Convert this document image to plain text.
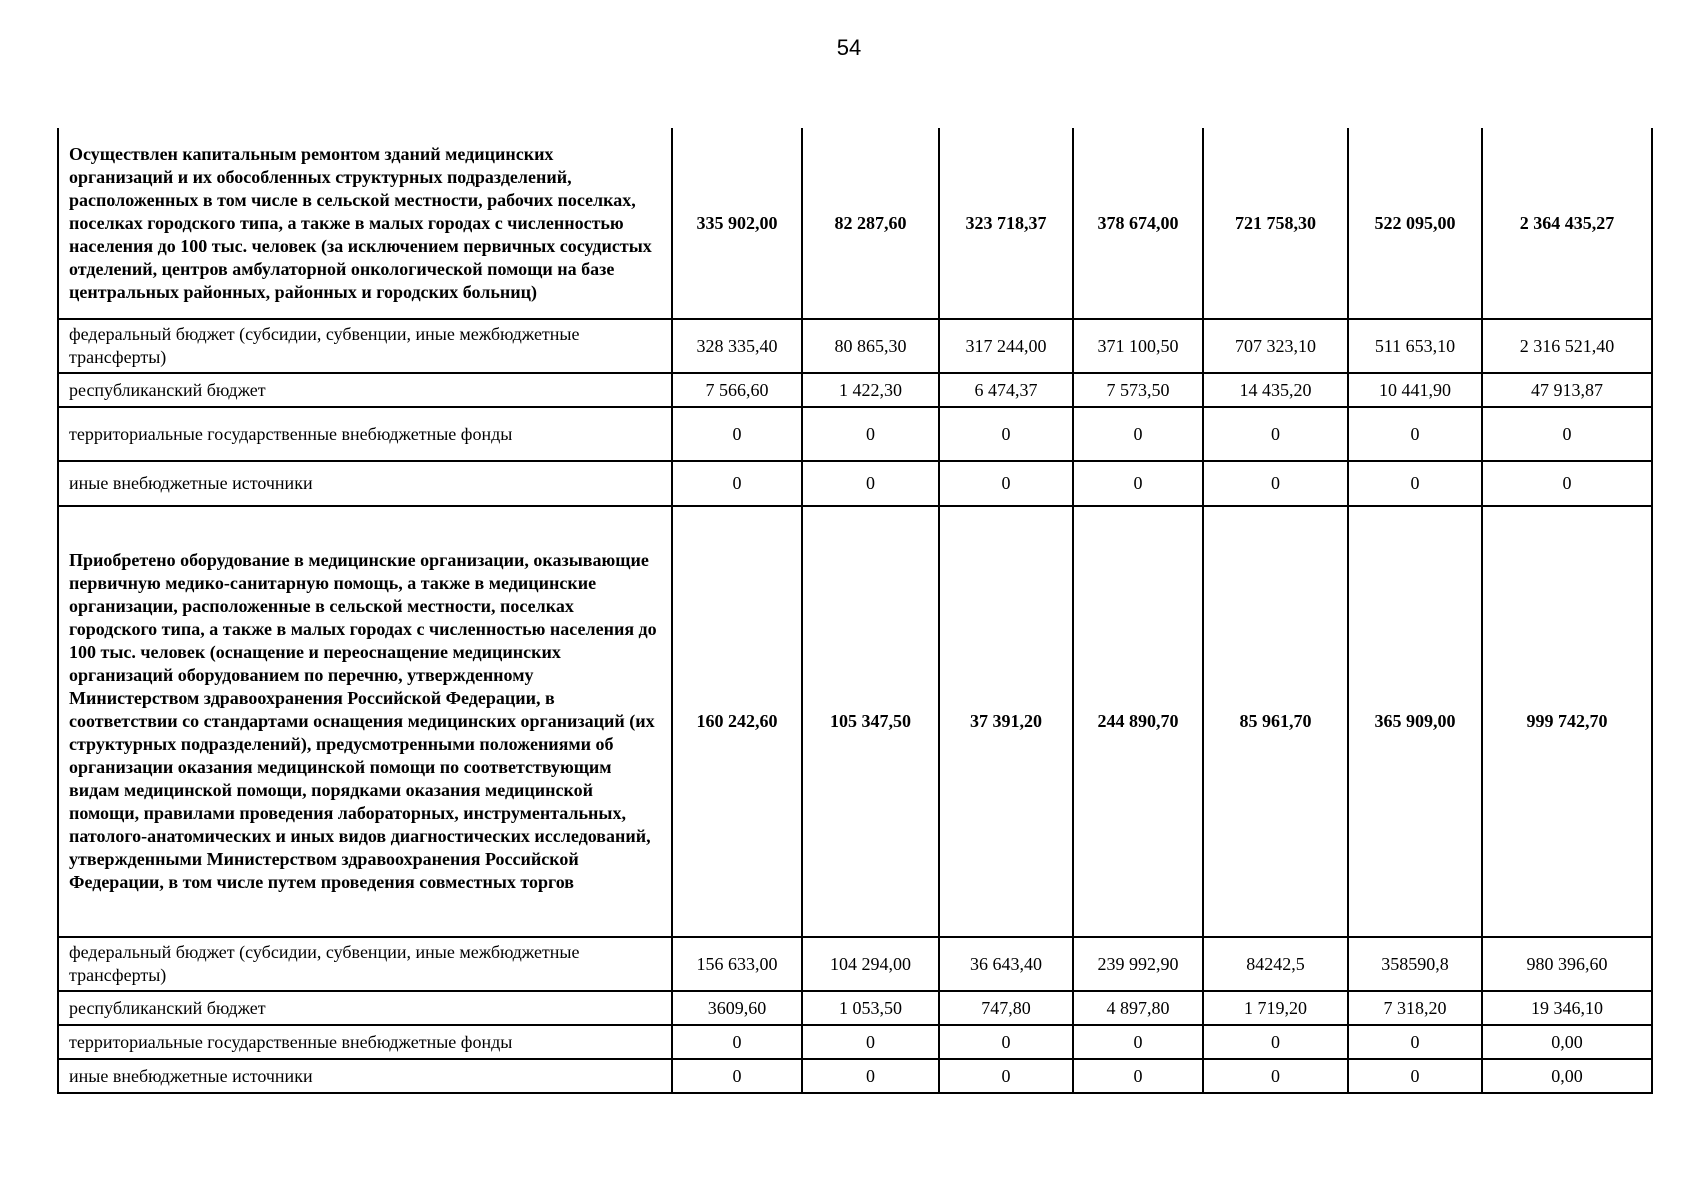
54
Осуществлен капитальным ремонтом зданий медицинских организаций и их обособленных структурных подразделений, расположенных в том числе в сельской местности, рабочих поселках, поселках городского типа, а также в малых городах с численностью населения до 100 тыс. человек (за исключением первичных сосудистых отделений, центров амбулаторной онкологической помощи на базе центральных районных, районных и городских больниц)	335 902,00	82 287,60	323 718,37	378 674,00	721 758,30	522 095,00	2 364 435,27
федеральный бюджет (субсидии, субвенции, иные межбюджетные трансферты)	328 335,40	80 865,30	317 244,00	371 100,50	707 323,10	511 653,10	2 316 521,40
республиканский бюджет	7 566,60	1 422,30	6 474,37	7 573,50	14 435,20	10 441,90	47 913,87
территориальные государственные внебюджетные фонды	0	0	0	0	0	0	0
иные внебюджетные источники	0	0	0	0	0	0	0
Приобретено оборудование в медицинские организации, оказывающие первичную медико-санитарную помощь, а также в медицинские организации, расположенные в сельской местности, поселках городского типа, а также в малых городах с численностью населения до 100 тыс. человек (оснащение и переоснащение медицинских организаций оборудованием по перечню, утвержденному Министерством здравоохранения Российской Федерации, в соответствии со стандартами оснащения медицинских организаций (их структурных подразделений), предусмотренными положениями об организации оказания медицинской помощи по соответствующим видам медицинской помощи, порядками оказания медицинской помощи, правилами проведения лабораторных, инструментальных, патолого-анатомических и иных видов диагностических исследований, утвержденными Министерством здравоохранения Российской Федерации, в том числе путем проведения совместных торгов	160 242,60	105 347,50	37 391,20	244 890,70	85 961,70	365 909,00	999 742,70
федеральный бюджет (субсидии, субвенции, иные межбюджетные трансферты)	156 633,00	104 294,00	36 643,40	239 992,90	84242,5	358590,8	980 396,60
республиканский бюджет	3609,60	1 053,50	747,80	4 897,80	1 719,20	7 318,20	19 346,10
территориальные государственные внебюджетные фонды	0	0	0	0	0	0	0,00
иные внебюджетные источники	0	0	0	0	0	0	0,00
